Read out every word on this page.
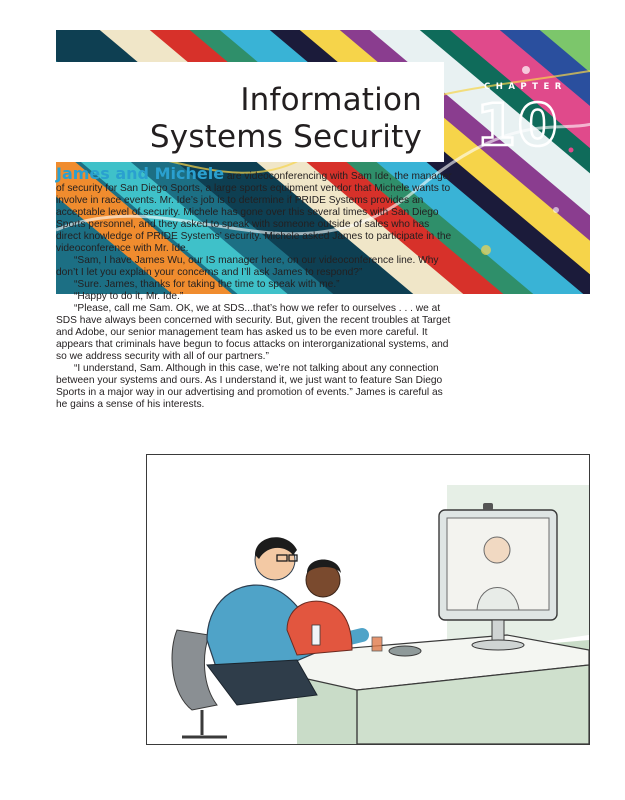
Information
Systems Security
CHAPTER
10

James and Michele are videoconferencing with Sam Ide, the manager of security for San Diego Sports, a large sports equipment vendor that Michele wants to involve in race events. Mr. Ide’s job is to determine if PRIDE Systems provides an acceptable level of security. Michele has gone over this several times with San Diego Sports personnel, and they asked to speak with someone outside of sales who has direct knowledge of PRIDE Systems’ security. Michele asked James to participate in the videoconference with Mr. Ide.

“Sam, I have James Wu, our IS manager here, on our videoconference line. Why don’t I let you explain your concerns and I’ll ask James to respond?”

“Sure. James, thanks for taking the time to speak with me.”

“Happy to do it, Mr. Ide.”

“Please, call me Sam. OK, we at SDS...that’s how we refer to ourselves . . . we at SDS have always been concerned with security. But, given the recent troubles at Target and Adobe, our senior management team has asked us to be even more careful. It appears that criminals have begun to focus attacks on interorganizational systems, and so we address security with all of our partners.”

“I understand, Sam. Although in this case, we’re not talking about any connection between your systems and ours. As I understand it, we just want to feature San Diego Sports in a major way in our advertising and promotion of events.” James is careful as he gains a sense of his interests.
